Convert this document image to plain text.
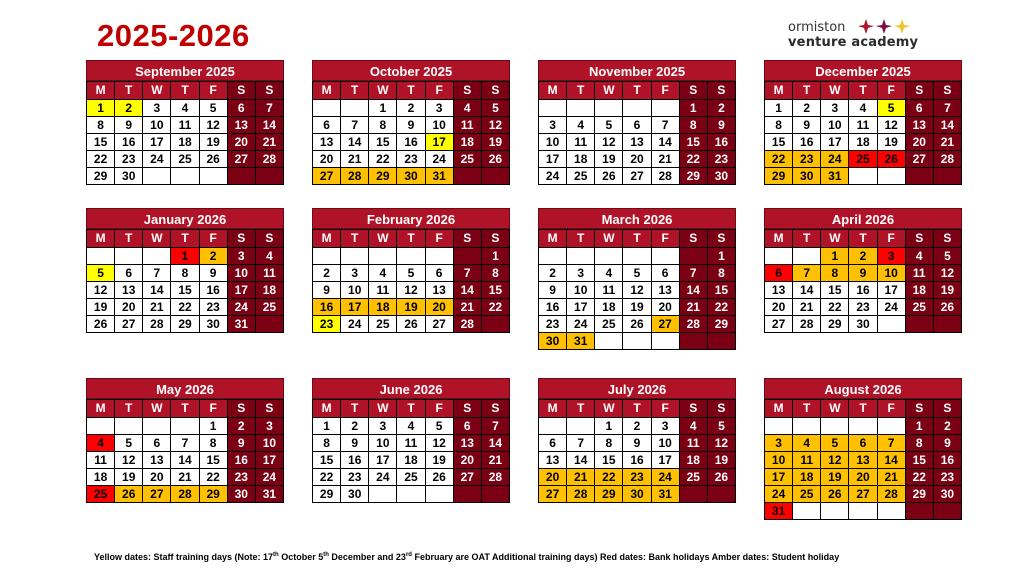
2025-2026	ormiston
venture academy
September 2025
M	T	W	T	F	S	S
1	2	3	4	5	6	7
8	9	10	11	12	13	14
15	16	17	18	19	20	21
22	23	24	25	26	27	28
29	30					
October 2025
M	T	W	T	F	S	S
		1	2	3	4	5
6	7	8	9	10	11	12
13	14	15	16	17	18	19
20	21	22	23	24	25	26
27	28	29	30	31		
November 2025
M	T	W	T	F	S	S
					1	2
3	4	5	6	7	8	9
10	11	12	13	14	15	16
17	18	19	20	21	22	23
24	25	26	27	28	29	30
December 2025
M	T	W	T	F	S	S
1	2	3	4	5	6	7
8	9	10	11	12	13	14
15	16	17	18	19	20	21
22	23	24	25	26	27	28
29	30	31				
January 2026
M	T	W	T	F	S	S
			1	2	3	4
5	6	7	8	9	10	11
12	13	14	15	16	17	18
19	20	21	22	23	24	25
26	27	28	29	30	31	
February 2026
M	T	W	T	F	S	S
						1
2	3	4	5	6	7	8
9	10	11	12	13	14	15
16	17	18	19	20	21	22
23	24	25	26	27	28	
March 2026
M	T	W	T	F	S	S
						1
2	3	4	5	6	7	8
9	10	11	12	13	14	15
16	17	18	19	20	21	22
23	24	25	26	27	28	29
30	31					
April 2026
M	T	W	T	F	S	S
		1	2	3	4	5
6	7	8	9	10	11	12
13	14	15	16	17	18	19
20	21	22	23	24	25	26
27	28	29	30			
May 2026
M	T	W	T	F	S	S
				1	2	3
4	5	6	7	8	9	10
11	12	13	14	15	16	17
18	19	20	21	22	23	24
25	26	27	28	29	30	31
June 2026
M	T	W	T	F	S	S
1	2	3	4	5	6	7
8	9	10	11	12	13	14
15	16	17	18	19	20	21
22	23	24	25	26	27	28
29	30					
July 2026
M	T	W	T	F	S	S
		1	2	3	4	5
6	7	8	9	10	11	12
13	14	15	16	17	18	19
20	21	22	23	24	25	26
27	28	29	30	31		
August 2026
M	T	W	T	F	S	S
					1	2
3	4	5	6	7	8	9
10	11	12	13	14	15	16
17	18	19	20	21	22	23
24	25	26	27	28	29	30
31						
Yellow dates: Staff training days (Note: 17th October 5th December and 23rd February are OAT Additional training days) Red dates: Bank holidays Amber dates: Student holiday
